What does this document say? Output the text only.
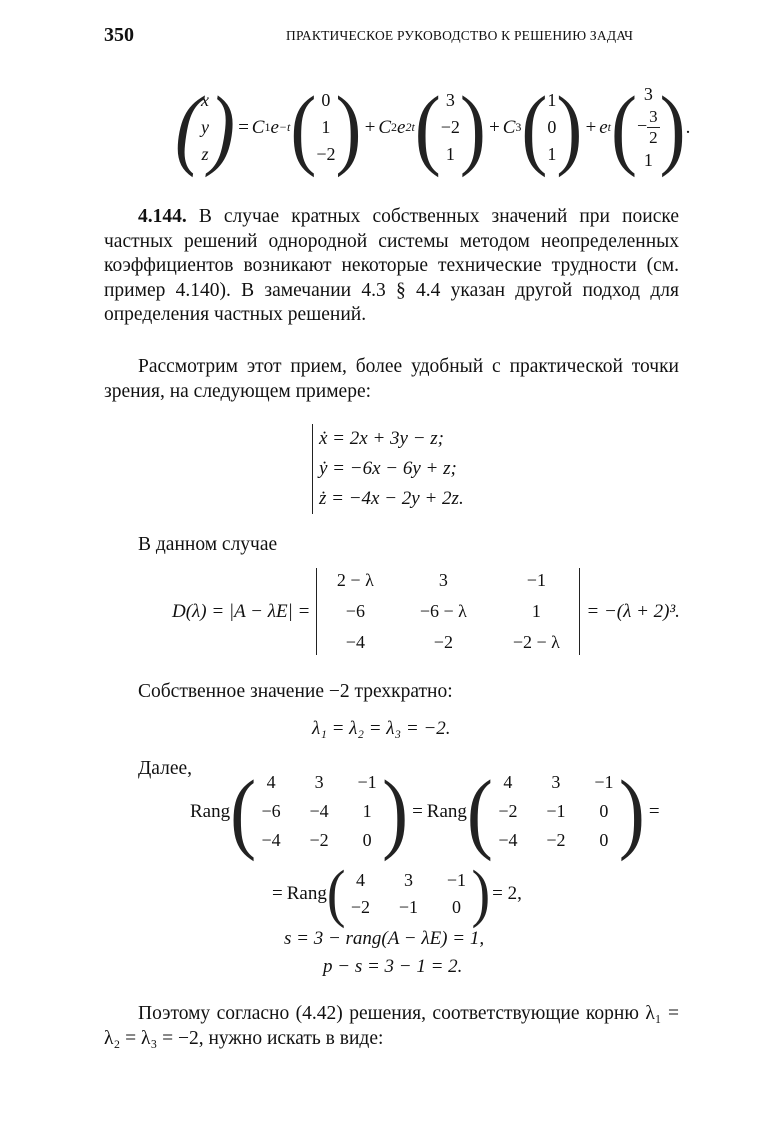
350	ПРАКТИЧЕСКОЕ РУКОВОДСТВО К РЕШЕНИЮ ЗАДАЧ
( x
y
z ) = C 1 e −t ( 0
1
−2 ) + C 2 e 2t ( 3
−2
1 ) + C 3 ( 1
0
1 ) + e t ( 3
− $\frac{3}{2}$
1 ) .
4.144. В случае кратных собственных значений при поиске частных решений однородной системы методом неопределенных коэффициентов возникают некоторые технические трудности (см. пример 4.140). В замечании 4.3 § 4.4 указан другой подход для определения частных решений.
Рассмотрим этот прием, более удобный с практической точки зрения, на следующем примере:
ẋ = 2x + 3y − z;
ẏ = −6x − 6y + z;
ż = −4x − 2y + 2z.
В данном случае
D(λ) = |A − λE| =
2 − λ	3	−1
−6	−6 − λ	1
−4	−2	−2 − λ
= −(λ + 2)³.
Собственное значение −2 трехкратно:
λ₁ = λ₂ = λ₃ = −2.
Далее,
Rang ( 4	3	−1
−6	−4	1
−4	−2	0 ) = Rang ( 4	3	−1
−2	−1	0
−4	−2	0 ) =
= Rang ( 4	3	−1
−2	−1	0 ) = 2,
s = 3 − rang(A − λE) = 1,
p − s = 3 − 1 = 2.
Поэтому согласно (4.42) решения, соответствующие корню λ₁ = λ₂ = λ₃ = −2, нужно искать в виде:
